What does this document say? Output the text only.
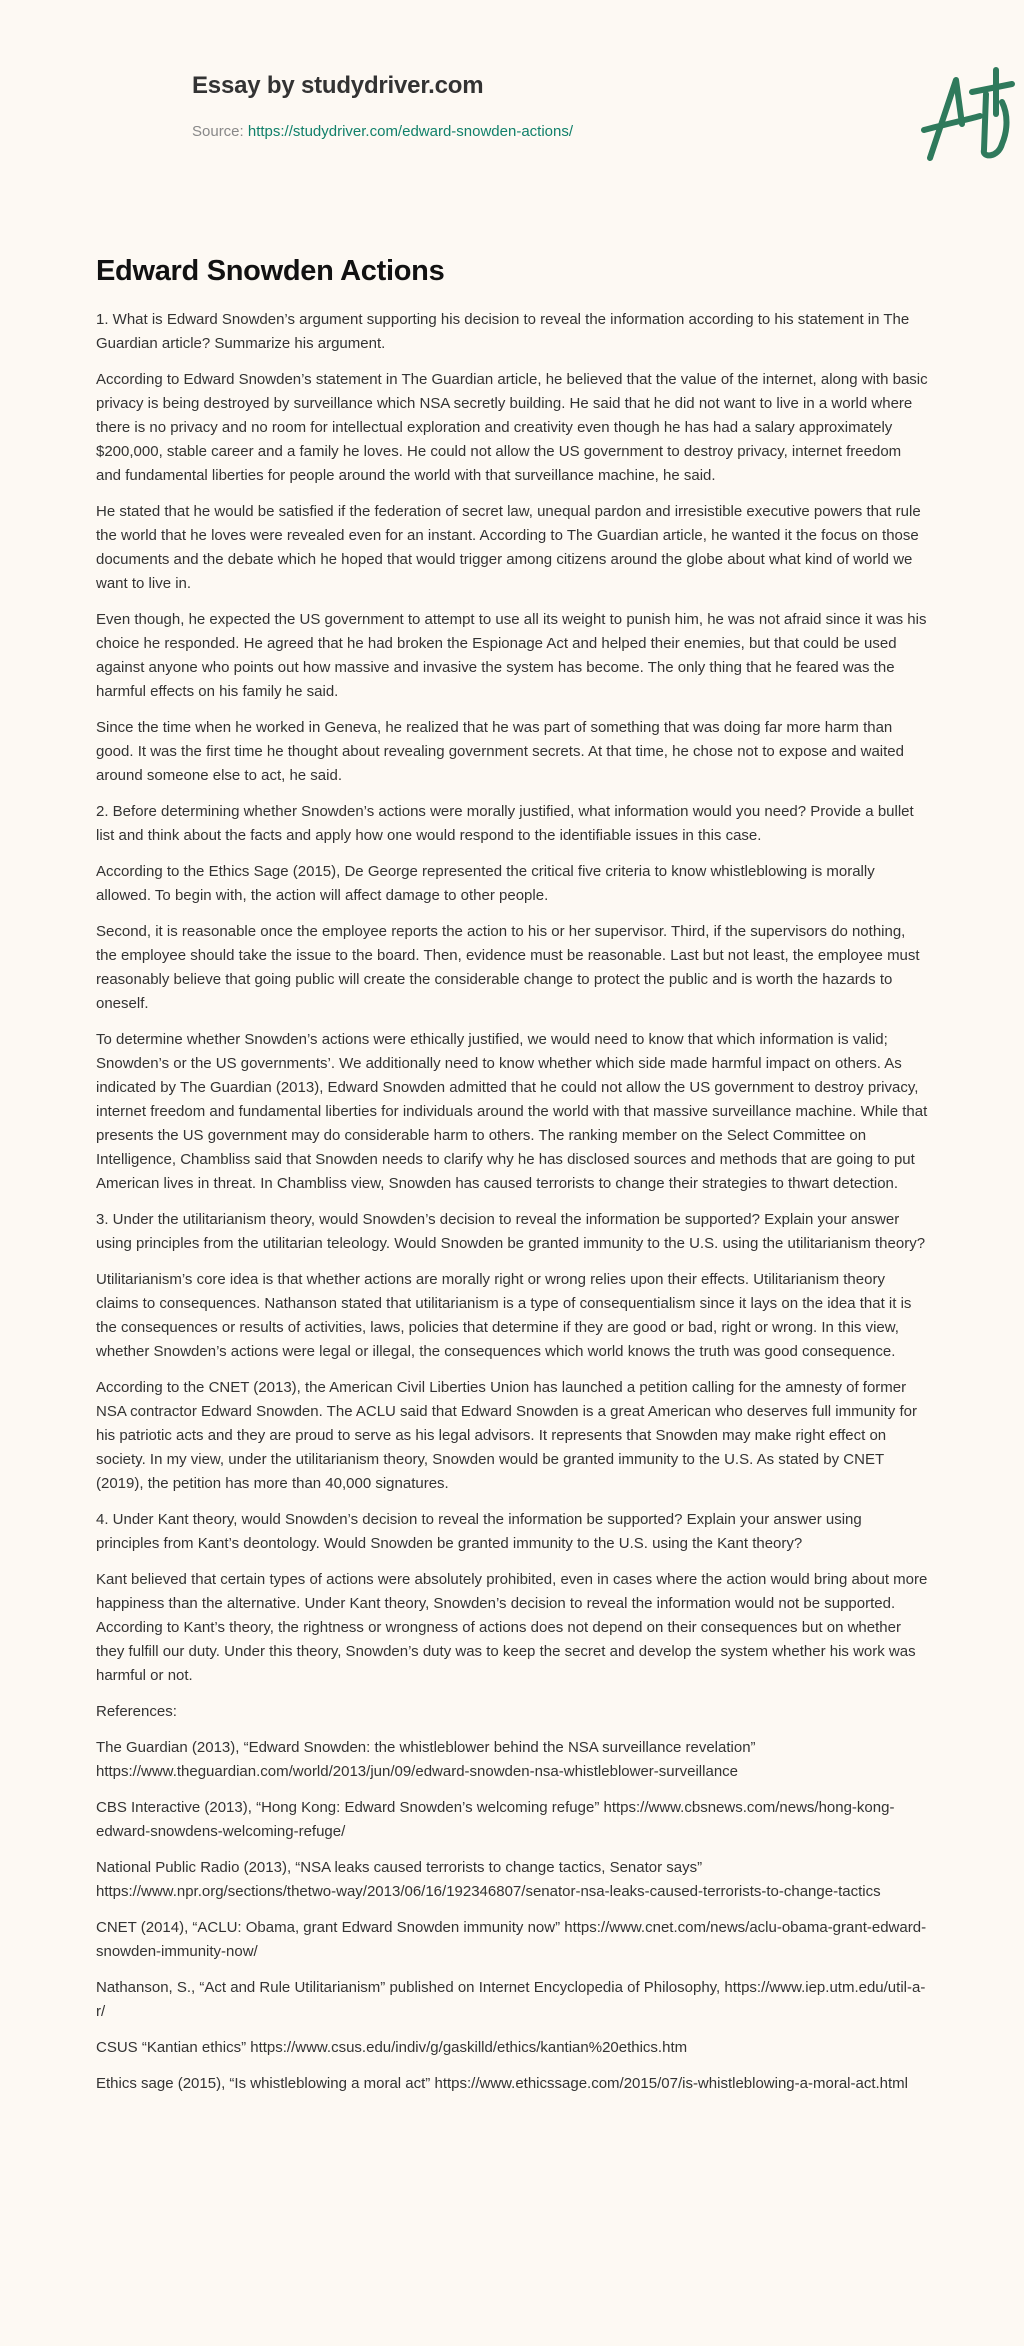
Essay by studydriver.com
Source: https://studydriver.com/edward-snowden-actions/
Edward Snowden Actions

1. What is Edward Snowden’s argument supporting his decision to reveal the information according to his statement in The Guardian article? Summarize his argument.

According to Edward Snowden’s statement in The Guardian article, he believed that the value of the internet, along with basic privacy is being destroyed by surveillance which NSA secretly building. He said that he did not want to live in a world where there is no privacy and no room for intellectual exploration and creativity even though he has had a salary approximately $200,000, stable career and a family he loves. He could not allow the US government to destroy privacy, internet freedom and fundamental liberties for people around the world with that surveillance machine, he said.

He stated that he would be satisfied if the federation of secret law, unequal pardon and irresistible executive powers that rule the world that he loves were revealed even for an instant. According to The Guardian article, he wanted it the focus on those documents and the debate which he hoped that would trigger among citizens around the globe about what kind of world we want to live in.

Even though, he expected the US government to attempt to use all its weight to punish him, he was not afraid since it was his choice he responded. He agreed that he had broken the Espionage Act and helped their enemies, but that could be used against anyone who points out how massive and invasive the system has become. The only thing that he feared was the harmful effects on his family he said.

Since the time when he worked in Geneva, he realized that he was part of something that was doing far more harm than good. It was the first time he thought about revealing government secrets. At that time, he chose not to expose and waited around someone else to act, he said.

2. Before determining whether Snowden’s actions were morally justified, what information would you need? Provide a bullet list and think about the facts and apply how one would respond to the identifiable issues in this case.

According to the Ethics Sage (2015), De George represented the critical five criteria to know whistleblowing is morally allowed. To begin with, the action will affect damage to other people.

Second, it is reasonable once the employee reports the action to his or her supervisor. Third, if the supervisors do nothing, the employee should take the issue to the board. Then, evidence must be reasonable. Last but not least, the employee must reasonably believe that going public will create the considerable change to protect the public and is worth the hazards to oneself.

To determine whether Snowden’s actions were ethically justified, we would need to know that which information is valid; Snowden’s or the US governments’. We additionally need to know whether which side made harmful impact on others. As indicated by The Guardian (2013), Edward Snowden admitted that he could not allow the US government to destroy privacy, internet freedom and fundamental liberties for individuals around the world with that massive surveillance machine. While that presents the US government may do considerable harm to others. The ranking member on the Select Committee on Intelligence, Chambliss said that Snowden needs to clarify why he has disclosed sources and methods that are going to put American lives in threat. In Chambliss view, Snowden has caused terrorists to change their strategies to thwart detection.

3. Under the utilitarianism theory, would Snowden’s decision to reveal the information be supported? Explain your answer using principles from the utilitarian teleology. Would Snowden be granted immunity to the U.S. using the utilitarianism theory?

Utilitarianism’s core idea is that whether actions are morally right or wrong relies upon their effects. Utilitarianism theory claims to consequences. Nathanson stated that utilitarianism is a type of consequentialism since it lays on the idea that it is the consequences or results of activities, laws, policies that determine if they are good or bad, right or wrong. In this view, whether Snowden’s actions were legal or illegal, the consequences which world knows the truth was good consequence.

According to the CNET (2013), the American Civil Liberties Union has launched a petition calling for the amnesty of former NSA contractor Edward Snowden. The ACLU said that Edward Snowden is a great American who deserves full immunity for his patriotic acts and they are proud to serve as his legal advisors. It represents that Snowden may make right effect on society. In my view, under the utilitarianism theory, Snowden would be granted immunity to the U.S. As stated by CNET (2019), the petition has more than 40,000 signatures.

4. Under Kant theory, would Snowden’s decision to reveal the information be supported? Explain your answer using principles from Kant’s deontology. Would Snowden be granted immunity to the U.S. using the Kant theory?

Kant believed that certain types of actions were absolutely prohibited, even in cases where the action would bring about more happiness than the alternative. Under Kant theory, Snowden’s decision to reveal the information would not be supported. According to Kant’s theory, the rightness or wrongness of actions does not depend on their consequences but on whether they fulfill our duty. Under this theory, Snowden’s duty was to keep the secret and develop the system whether his work was harmful or not.

References:

The Guardian (2013), “Edward Snowden: the whistleblower behind the NSA surveillance revelation” https://www.theguardian.com/world/2013/jun/09/edward-snowden-nsa-whistleblower-surveillance

CBS Interactive (2013), “Hong Kong: Edward Snowden’s welcoming refuge” https://www.cbsnews.com/news/hong-kong-edward-snowdens-welcoming-refuge/

National Public Radio (2013), “NSA leaks caused terrorists to change tactics, Senator says” https://www.npr.org/sections/thetwo-way/2013/06/16/192346807/senator-nsa-leaks-caused-terrorists-to-change-tactics

CNET (2014), “ACLU: Obama, grant Edward Snowden immunity now” https://www.cnet.com/news/aclu-obama-grant-edward-snowden-immunity-now/

Nathanson, S., “Act and Rule Utilitarianism” published on Internet Encyclopedia of Philosophy, https://www.iep.utm.edu/util-a-r/

CSUS “Kantian ethics” https://www.csus.edu/indiv/g/gaskilld/ethics/kantian%20ethics.htm

Ethics sage (2015), “Is whistleblowing a moral act” https://www.ethicssage.com/2015/07/is-whistleblowing-a-moral-act.html
